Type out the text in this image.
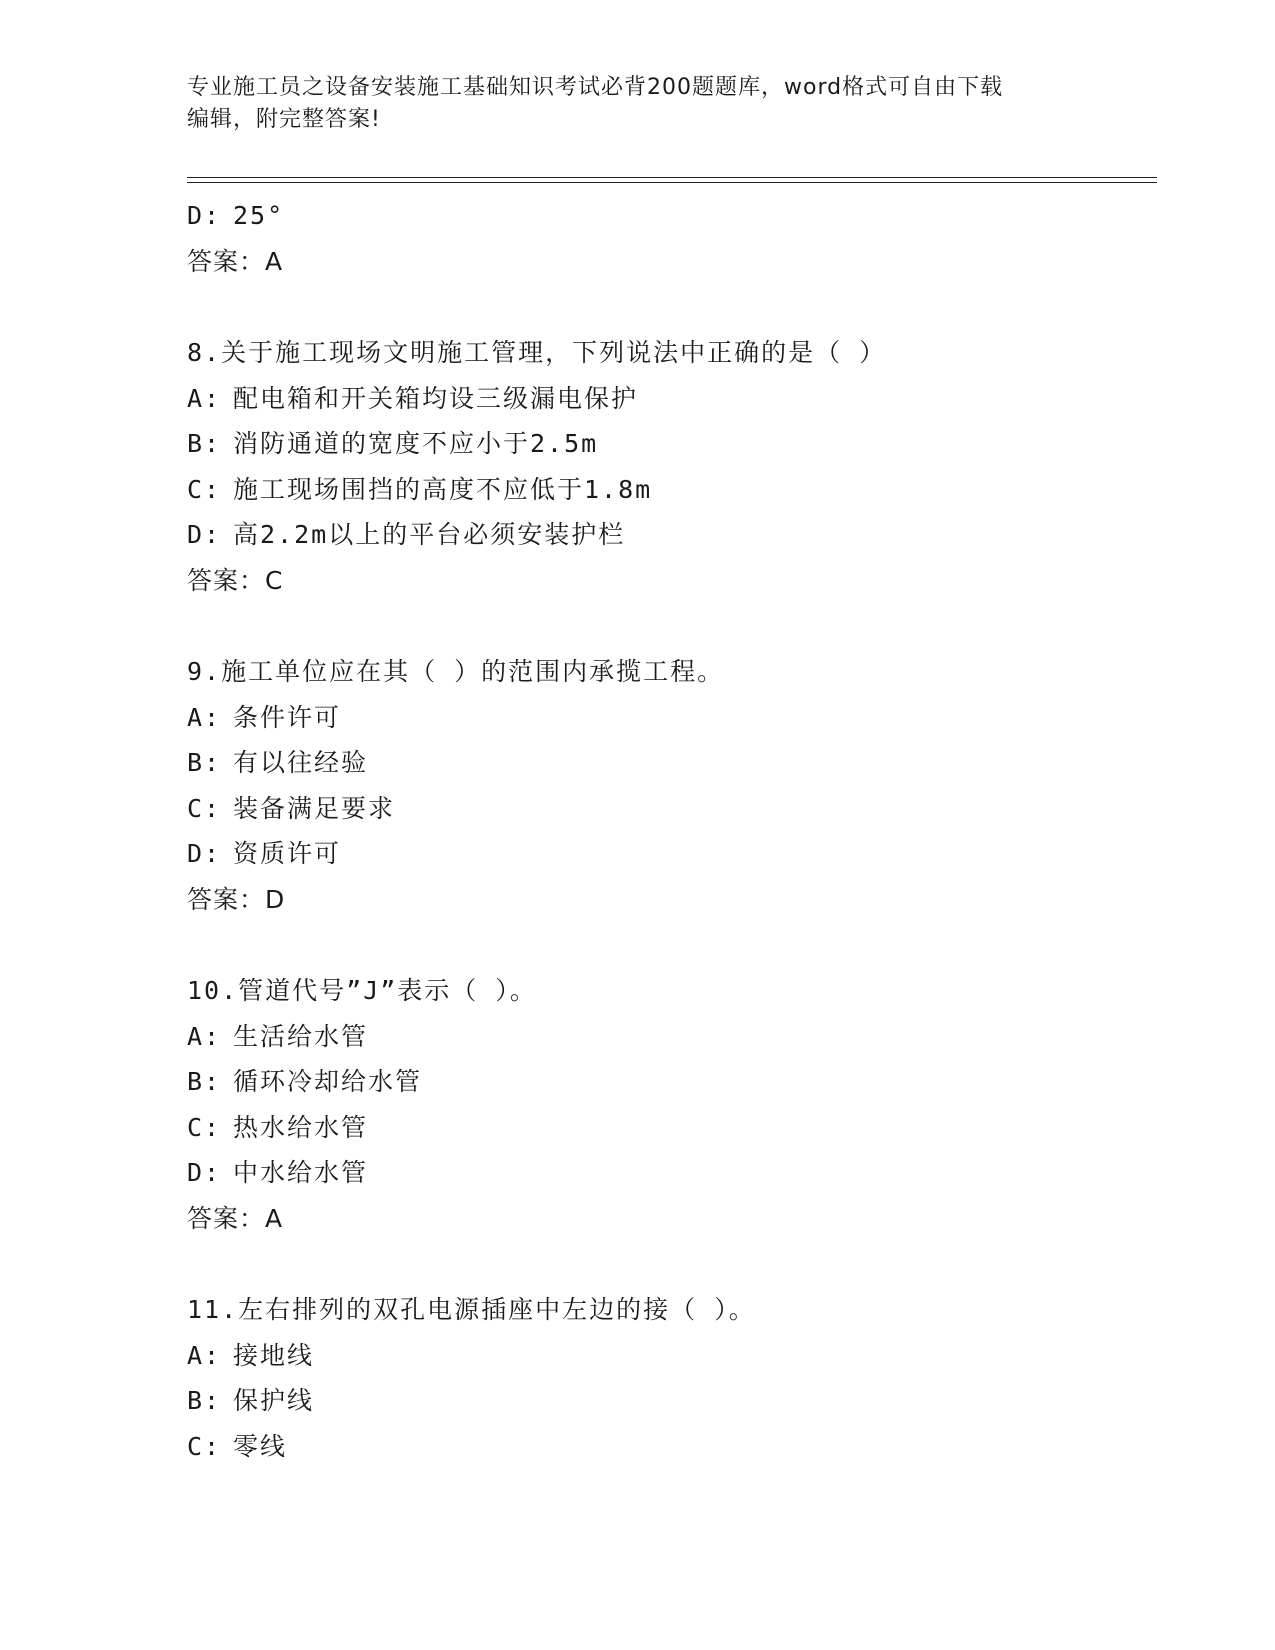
专业施工员之设备安装施工基础知识考试必背200题题库，word格式可自由下载
编辑，附完整答案!
D: 25°
答案：A
8.关于施工现场文明施工管理，下列说法中正确的是（ ）
A: 配电箱和开关箱均设三级漏电保护
B: 消防通道的宽度不应小于2.5m
C: 施工现场围挡的高度不应低于1.8m
D: 高2.2m以上的平台必须安装护栏
答案：C
9.施工单位应在其（ ）的范围内承揽工程。
A: 条件许可
B: 有以往经验
C: 装备满足要求
D: 资质许可
答案：D
10.管道代号”J”表示（ ）。
A: 生活给水管
B: 循环冷却给水管
C: 热水给水管
D: 中水给水管
答案：A
11.左右排列的双孔电源插座中左边的接（ ）。
A: 接地线
B: 保护线
C: 零线
